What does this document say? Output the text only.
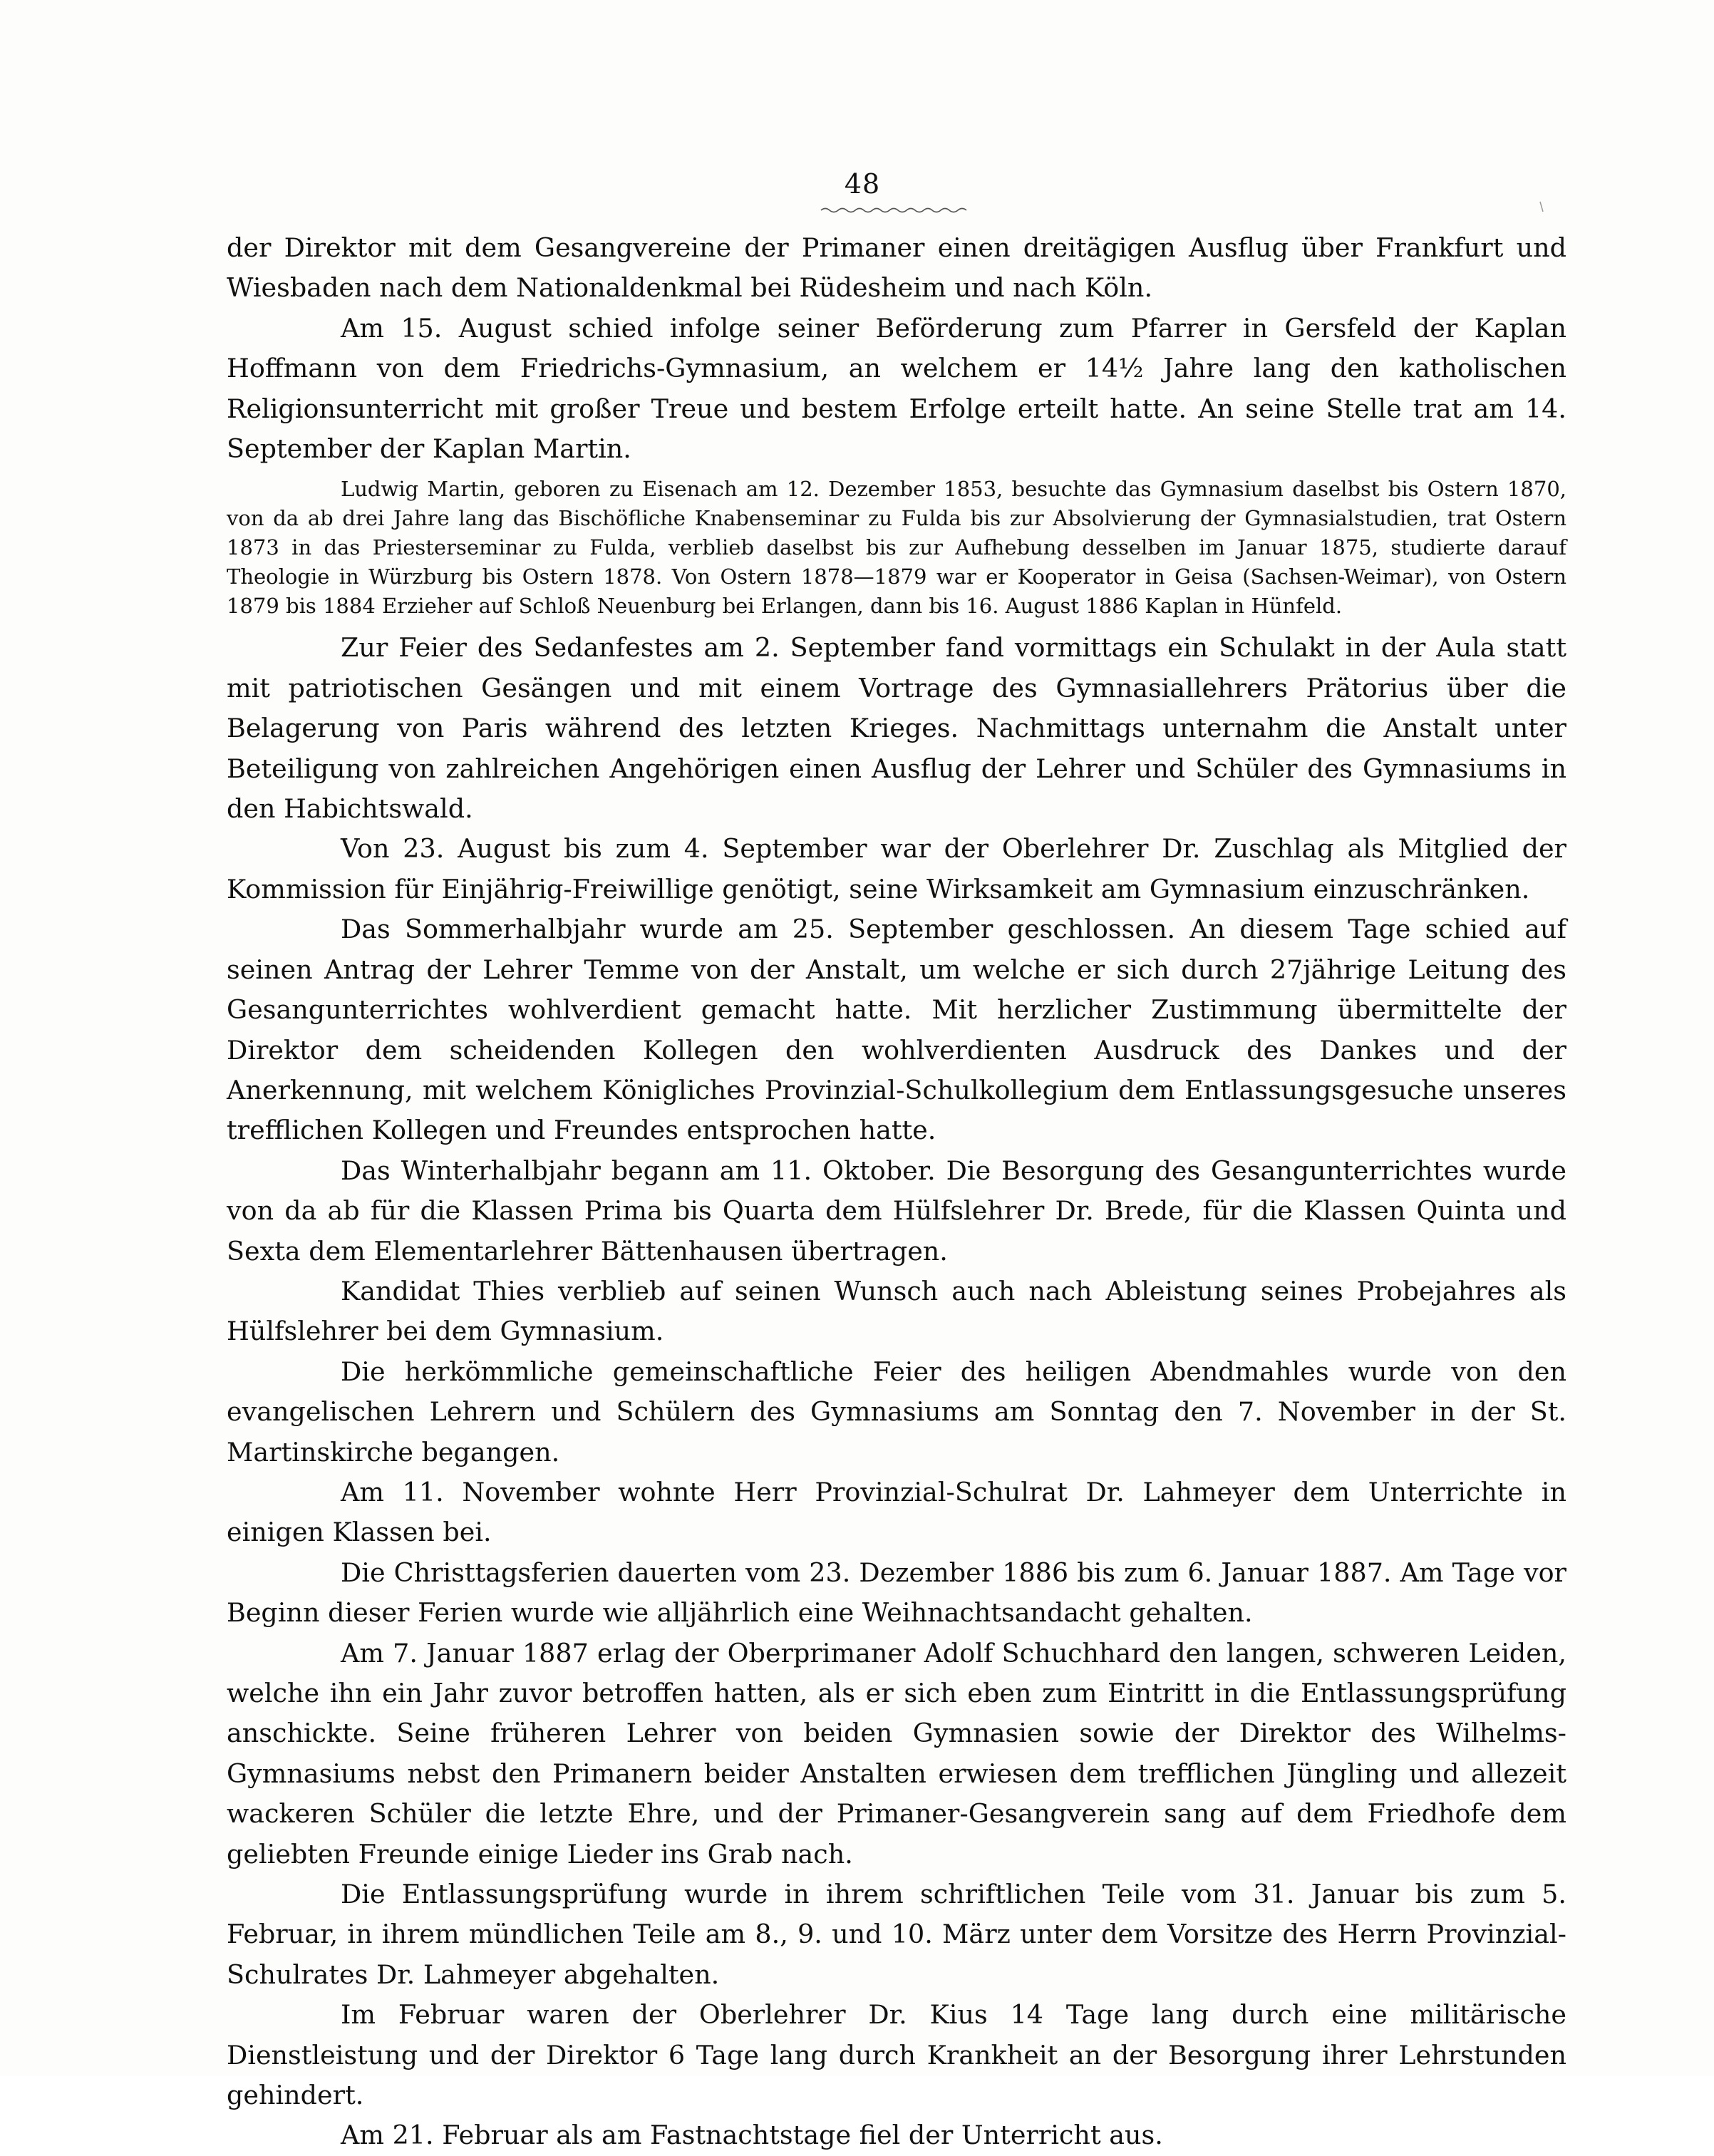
48

der Direktor mit dem Gesangvereine der Primaner einen dreitägigen Ausflug über Frankfurt und Wiesbaden nach dem Nationaldenkmal bei Rüdesheim und nach Köln.

Am 15. August schied infolge seiner Beförderung zum Pfarrer in Gersfeld der Kaplan Hoffmann von dem Friedrichs-Gymnasium, an welchem er 14½ Jahre lang den katholischen Religionsunterricht mit großer Treue und bestem Erfolge erteilt hatte. An seine Stelle trat am 14. September der Kaplan Martin.

Ludwig Martin, geboren zu Eisenach am 12. Dezember 1853, besuchte das Gymnasium daselbst bis Ostern 1870, von da ab drei Jahre lang das Bischöfliche Knabenseminar zu Fulda bis zur Absolvierung der Gymnasialstudien, trat Ostern 1873 in das Priesterseminar zu Fulda, verblieb daselbst bis zur Aufhebung desselben im Januar 1875, studierte darauf Theologie in Würzburg bis Ostern 1878. Von Ostern 1878—1879 war er Kooperator in Geisa (Sachsen-Weimar), von Ostern 1879 bis 1884 Erzieher auf Schloß Neuenburg bei Erlangen, dann bis 16. August 1886 Kaplan in Hünfeld.

Zur Feier des Sedanfestes am 2. September fand vormittags ein Schulakt in der Aula statt mit patriotischen Gesängen und mit einem Vortrage des Gymnasiallehrers Prätorius über die Belagerung von Paris während des letzten Krieges. Nachmittags unternahm die Anstalt unter Beteiligung von zahlreichen Angehörigen einen Ausflug der Lehrer und Schüler des Gymnasiums in den Habichtswald.

Von 23. August bis zum 4. September war der Oberlehrer Dr. Zuschlag als Mitglied der Kommission für Einjährig-Freiwillige genötigt, seine Wirksamkeit am Gymnasium einzuschränken.

Das Sommerhalbjahr wurde am 25. September geschlossen. An diesem Tage schied auf seinen Antrag der Lehrer Temme von der Anstalt, um welche er sich durch 27jährige Leitung des Gesangunterrichtes wohlverdient gemacht hatte. Mit herzlicher Zustimmung übermittelte der Direktor dem scheidenden Kollegen den wohlverdienten Ausdruck des Dankes und der Anerkennung, mit welchem Königliches Provinzial-Schulkollegium dem Entlassungsgesuche unseres trefflichen Kollegen und Freundes entsprochen hatte.

Das Winterhalbjahr begann am 11. Oktober. Die Besorgung des Gesangunterrichtes wurde von da ab für die Klassen Prima bis Quarta dem Hülfslehrer Dr. Brede, für die Klassen Quinta und Sexta dem Elementarlehrer Bättenhausen übertragen.

Kandidat Thies verblieb auf seinen Wunsch auch nach Ableistung seines Probejahres als Hülfslehrer bei dem Gymnasium.

Die herkömmliche gemeinschaftliche Feier des heiligen Abendmahles wurde von den evangelischen Lehrern und Schülern des Gymnasiums am Sonntag den 7. November in der St. Martinskirche begangen.

Am 11. November wohnte Herr Provinzial-Schulrat Dr. Lahmeyer dem Unterrichte in einigen Klassen bei.

Die Christtagsferien dauerten vom 23. Dezember 1886 bis zum 6. Januar 1887. Am Tage vor Beginn dieser Ferien wurde wie alljährlich eine Weihnachtsandacht gehalten.

Am 7. Januar 1887 erlag der Oberprimaner Adolf Schuchhard den langen, schweren Leiden, welche ihn ein Jahr zuvor betroffen hatten, als er sich eben zum Eintritt in die Entlassungsprüfung anschickte. Seine früheren Lehrer von beiden Gymnasien sowie der Direktor des Wilhelms-Gymnasiums nebst den Primanern beider Anstalten erwiesen dem trefflichen Jüngling und allezeit wackeren Schüler die letzte Ehre, und der Primaner-Gesangverein sang auf dem Friedhofe dem geliebten Freunde einige Lieder ins Grab nach.

Die Entlassungsprüfung wurde in ihrem schriftlichen Teile vom 31. Januar bis zum 5. Februar, in ihrem mündlichen Teile am 8., 9. und 10. März unter dem Vorsitze des Herrn Provinzial-Schulrates Dr. Lahmeyer abgehalten.

Im Februar waren der Oberlehrer Dr. Kius 14 Tage lang durch eine militärische Dienstleistung und der Direktor 6 Tage lang durch Krankheit an der Besorgung ihrer Lehrstunden gehindert.

Am 21. Februar als am Fastnachtstage fiel der Unterricht aus.
